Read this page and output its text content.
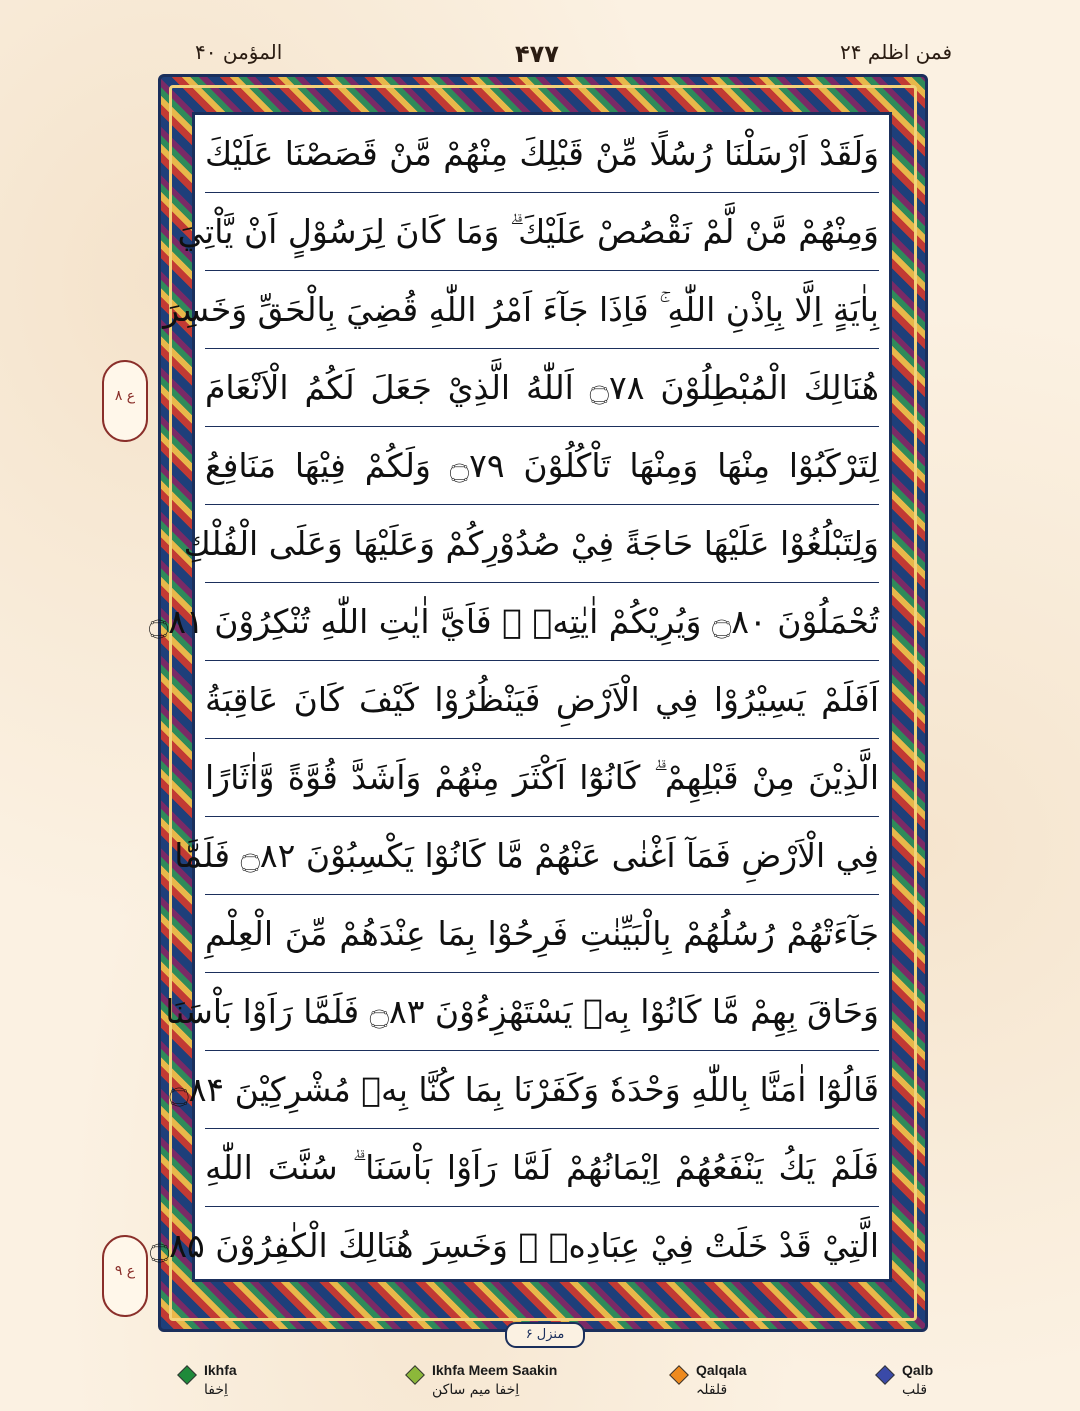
فمن اظلم ۲۴
۴۷۷
المؤمن ۴۰
وَلَقَدْ اَرْسَلْنَا رُسُلًا مِّنْ قَبْلِكَ مِنْهُمْ مَّنْ قَصَصْنَا عَلَيْكَ
وَمِنْهُمْ مَّنْ لَّمْ نَقْصُصْ عَلَيْكَ ۗ وَمَا كَانَ لِرَسُوْلٍ اَنْ يَّاْتِيَ
بِاٰيَةٍ اِلَّا بِاِذْنِ اللّٰهِ ۚ فَاِذَا جَآءَ اَمْرُ اللّٰهِ قُضِيَ بِالْحَقِّ وَخَسِرَ
هُنَالِكَ الْمُبْطِلُوْنَ ۝۷۸ اَللّٰهُ الَّذِيْ جَعَلَ لَكُمُ الْاَنْعَامَ
لِتَرْكَبُوْا مِنْهَا وَمِنْهَا تَاْكُلُوْنَ ۝۷۹ وَلَكُمْ فِيْهَا مَنَافِعُ
وَلِتَبْلُغُوْا عَلَيْهَا حَاجَةً فِيْ صُدُوْرِكُمْ وَعَلَيْهَا وَعَلَى الْفُلْكِ
تُحْمَلُوْنَ ۝۸۰ وَيُرِيْكُمْ اٰيٰتِهٖ ۖ فَاَيَّ اٰيٰتِ اللّٰهِ تُنْكِرُوْنَ ۝۸۱
اَفَلَمْ يَسِيْرُوْا فِي الْاَرْضِ فَيَنْظُرُوْا كَيْفَ كَانَ عَاقِبَةُ
الَّذِيْنَ مِنْ قَبْلِهِمْ ۗ كَانُوْٓا اَكْثَرَ مِنْهُمْ وَاَشَدَّ قُوَّةً وَّاٰثَارًا
فِي الْاَرْضِ فَمَآ اَغْنٰى عَنْهُمْ مَّا كَانُوْا يَكْسِبُوْنَ ۝۸۲ فَلَمَّا
جَآءَتْهُمْ رُسُلُهُمْ بِالْبَيِّنٰتِ فَرِحُوْا بِمَا عِنْدَهُمْ مِّنَ الْعِلْمِ
وَحَاقَ بِهِمْ مَّا كَانُوْا بِهٖ يَسْتَهْزِءُوْنَ ۝۸۳ فَلَمَّا رَاَوْا بَاْسَنَا
قَالُوْٓا اٰمَنَّا بِاللّٰهِ وَحْدَهٗ وَكَفَرْنَا بِمَا كُنَّا بِهٖ مُشْرِكِيْنَ ۝۸۴
فَلَمْ يَكُ يَنْفَعُهُمْ اِيْمَانُهُمْ لَمَّا رَاَوْا بَاْسَنَا ۗ سُنَّتَ اللّٰهِ
الَّتِيْ قَدْ خَلَتْ فِيْ عِبَادِهٖ ۚ وَخَسِرَ هُنَالِكَ الْكٰفِرُوْنَ ۝۸۵
ع ۸
ع ۹
منزل ۶
Ikhfa
اِخفا
Ikhfa Meem Saakin
اِخفا میم ساکن
Qalqala
قلقلہ
Qalb
قلب
